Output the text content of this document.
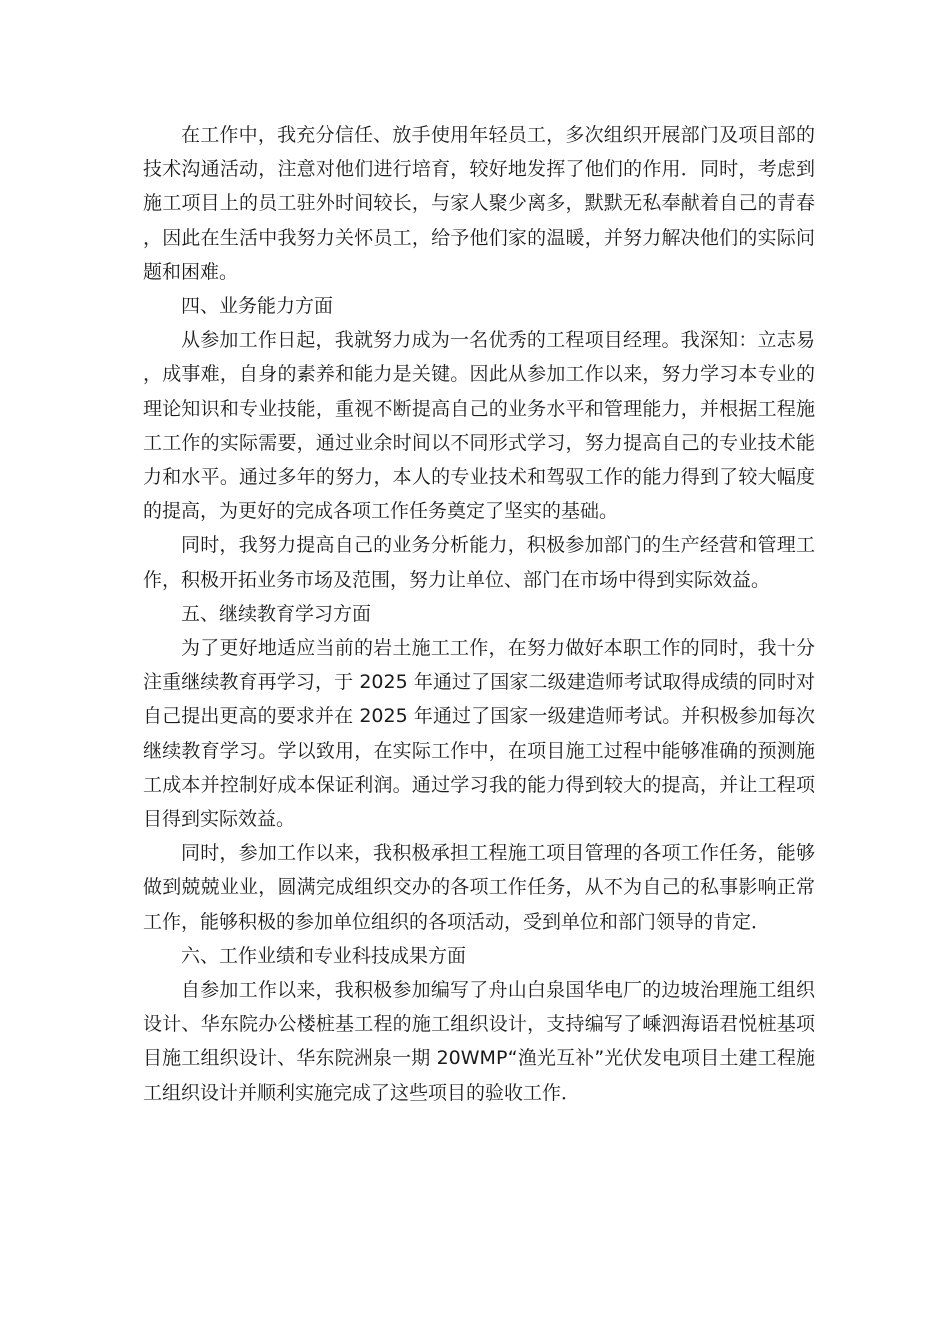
在工作中，我充分信任、放手使用年轻员工，多次组织开展部门及项目部的技术沟通活动，注意对他们进行培育，较好地发挥了他们的作用．同时，考虑到施工项目上的员工驻外时间较长，与家人聚少离多，默默无私奉献着自己的青春，因此在生活中我努力关怀员工，给予他们家的温暖，并努力解决他们的实际问题和困难。

四、业务能力方面

从参加工作日起，我就努力成为一名优秀的工程项目经理。我深知：立志易，成事难，自身的素养和能力是关键。因此从参加工作以来，努力学习本专业的理论知识和专业技能，重视不断提高自己的业务水平和管理能力，并根据工程施工工作的实际需要，通过业余时间以不同形式学习，努力提高自己的专业技术能力和水平。通过多年的努力，本人的专业技术和驾驭工作的能力得到了较大幅度的提高，为更好的完成各项工作任务奠定了坚实的基础。

同时，我努力提高自己的业务分析能力，积极参加部门的生产经营和管理工作，积极开拓业务市场及范围，努力让单位、部门在市场中得到实际效益。

五、继续教育学习方面

为了更好地适应当前的岩土施工工作，在努力做好本职工作的同时，我十分注重继续教育再学习，于 2025 年通过了国家二级建造师考试取得成绩的同时对自己提出更高的要求并在 2025 年通过了国家一级建造师考试。并积极参加每次继续教育学习。学以致用，在实际工作中，在项目施工过程中能够准确的预测施工成本并控制好成本保证利润。通过学习我的能力得到较大的提高，并让工程项目得到实际效益。

同时，参加工作以来，我积极承担工程施工项目管理的各项工作任务，能够做到兢兢业业，圆满完成组织交办的各项工作任务，从不为自己的私事影响正常工作，能够积极的参加单位组织的各项活动，受到单位和部门领导的肯定．

六、工作业绩和专业科技成果方面

自参加工作以来，我积极参加编写了舟山白泉国华电厂的边坡治理施工组织设计、华东院办公楼桩基工程的施工组织设计，支持编写了嵊泗海语君悦桩基项目施工组织设计、华东院洲泉一期 20WMP“渔光互补”光伏发电项目土建工程施工组织设计并顺利实施完成了这些项目的验收工作．
